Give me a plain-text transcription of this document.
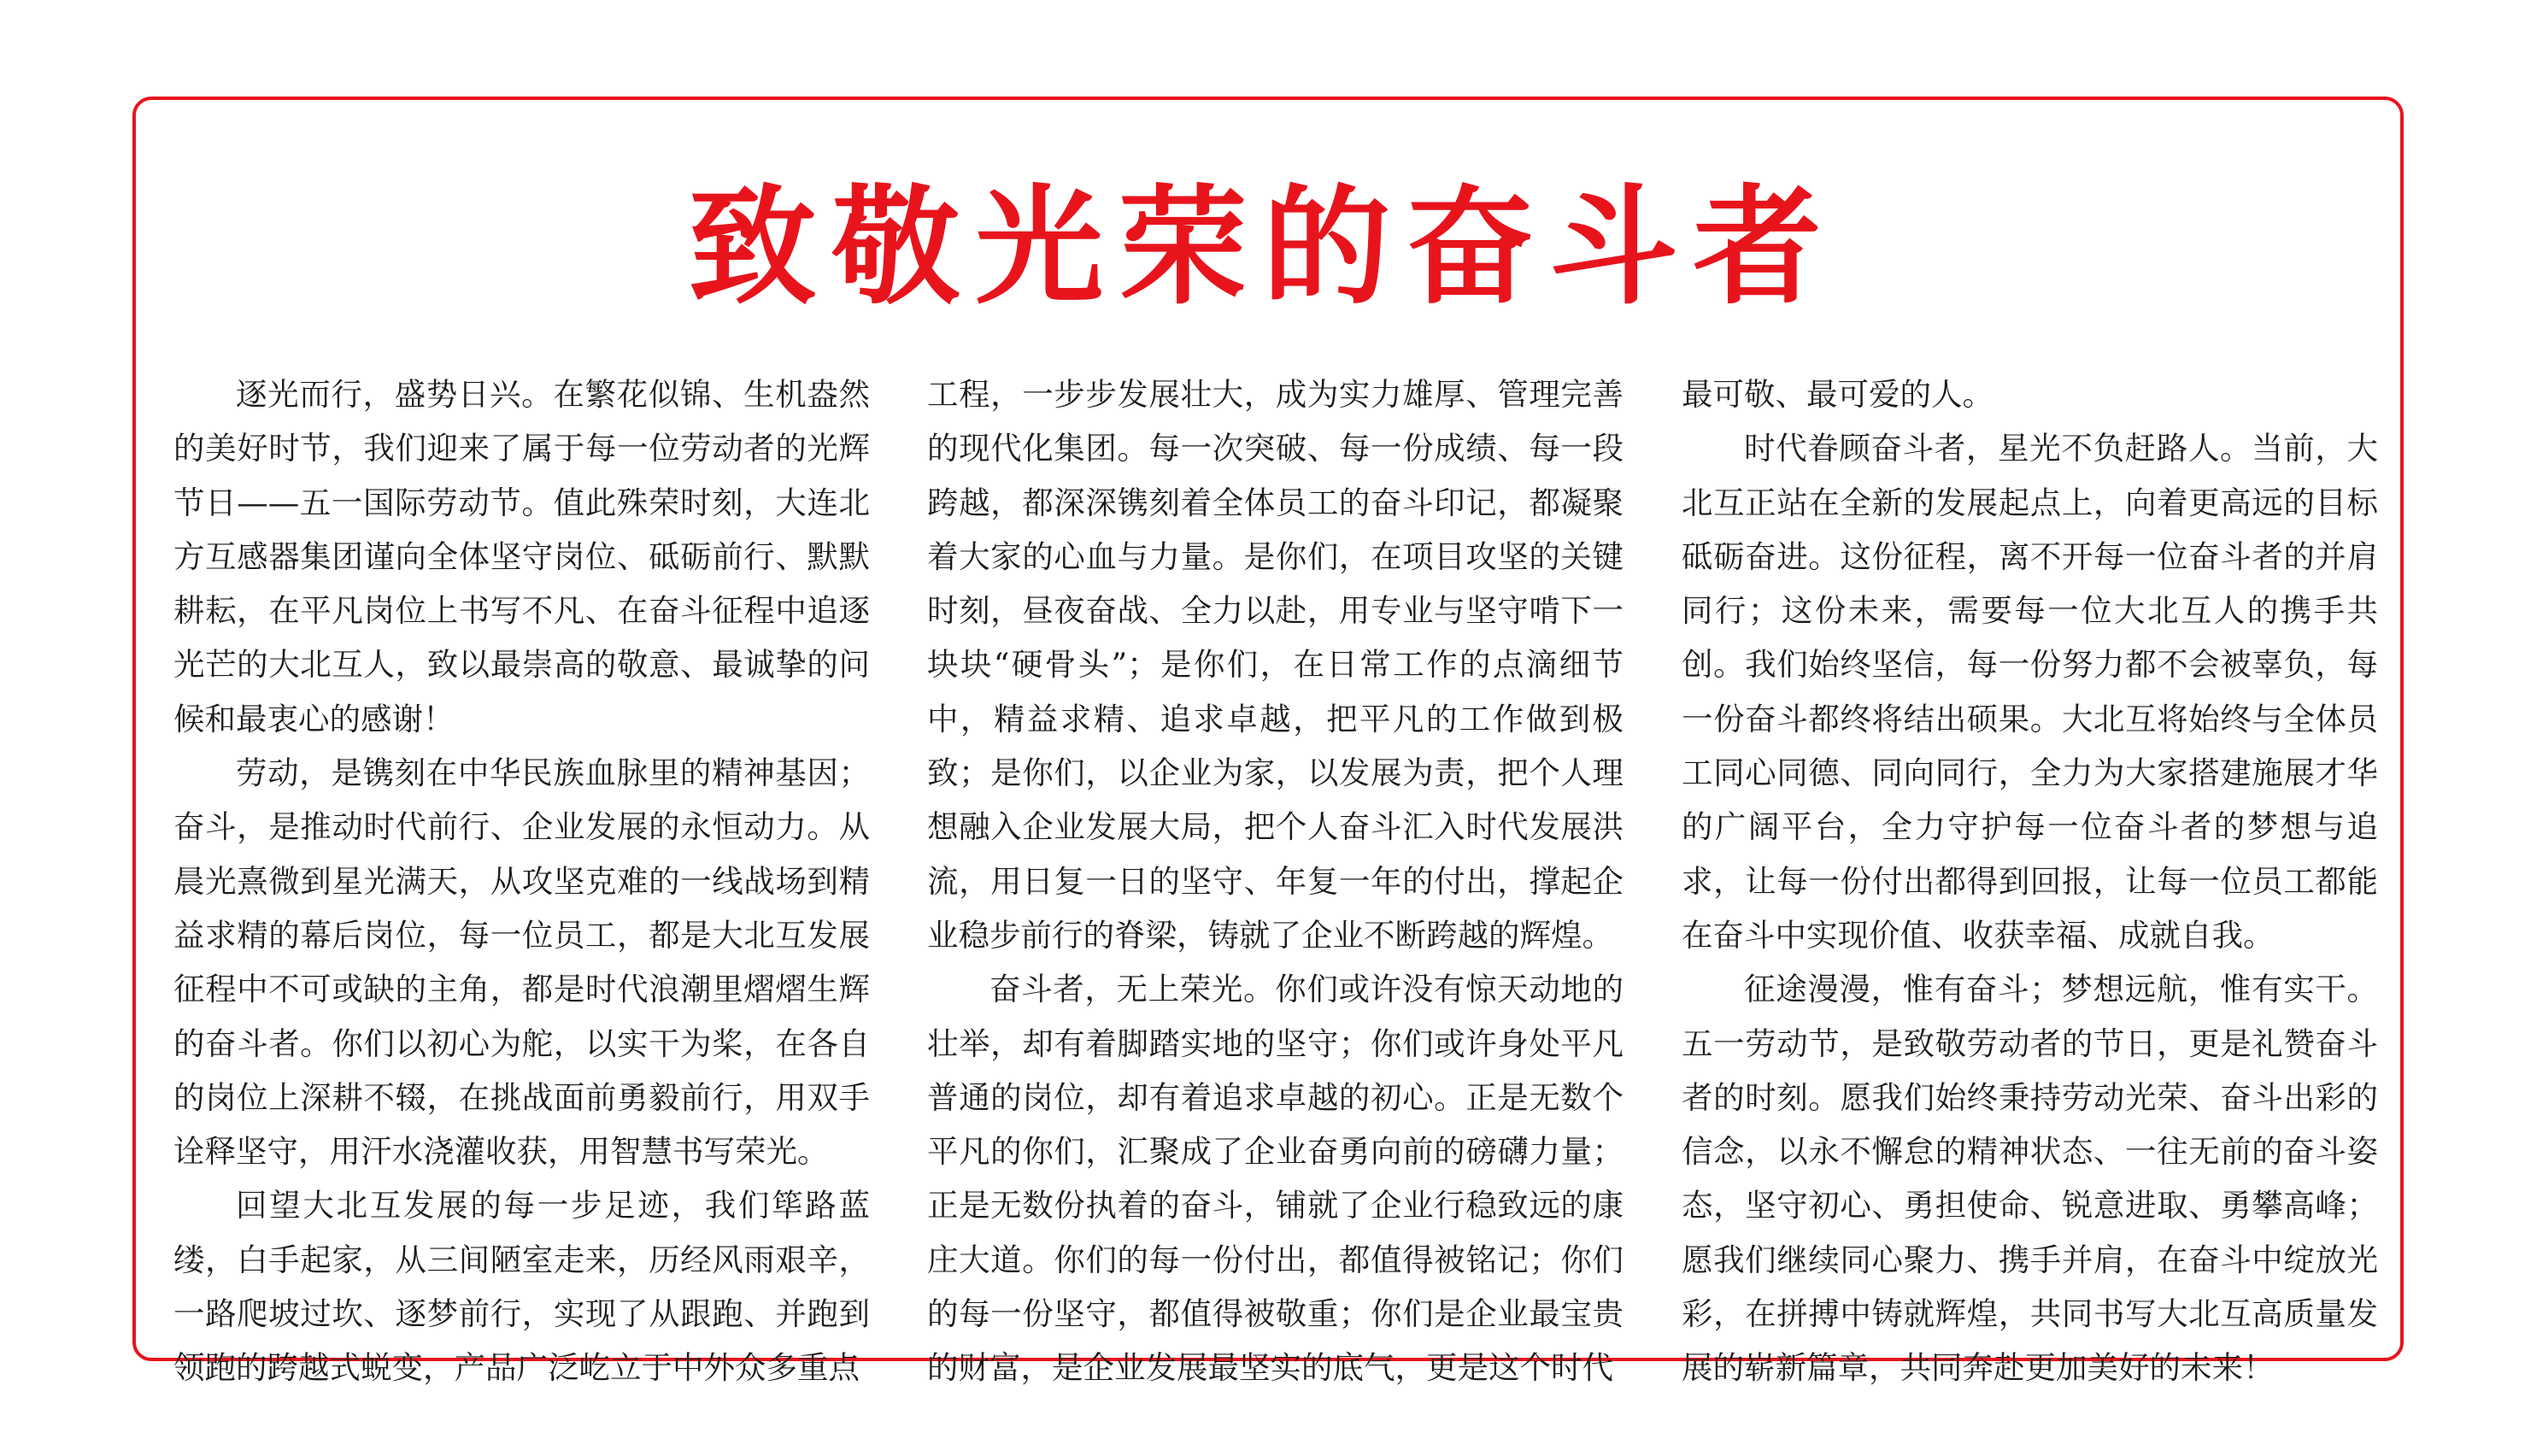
致敬光荣的奋斗者

逐光而行，盛势日兴。在繁花似锦、生机盎然的美好时节，我们迎来了属于每一位劳动者的光辉节日——五一国际劳动节。值此殊荣时刻，大连北方互感器集团谨向全体坚守岗位、砥砺前行、默默耕耘，在平凡岗位上书写不凡、在奋斗征程中追逐光芒的大北互人，致以最崇高的敬意、最诚挚的问候和最衷心的感谢！

劳动，是镌刻在中华民族血脉里的精神基因；奋斗，是推动时代前行、企业发展的永恒动力。从晨光熹微到星光满天，从攻坚克难的一线战场到精益求精的幕后岗位，每一位员工，都是大北互发展征程中不可或缺的主角，都是时代浪潮里熠熠生辉的奋斗者。你们以初心为舵，以实干为桨，在各自的岗位上深耕不辍，在挑战面前勇毅前行，用双手诠释坚守，用汗水浇灌收获，用智慧书写荣光。

回望大北互发展的每一步足迹，我们筚路蓝缕，白手起家，从三间陋室走来，历经风雨艰辛，一路爬坡过坎、逐梦前行，实现了从跟跑、并跑到领跑的跨越式蜕变，产品广泛屹立于中外众多重点

工程，一步步发展壮大，成为实力雄厚、管理完善的现代化集团。每一次突破、每一份成绩、每一段跨越，都深深镌刻着全体员工的奋斗印记，都凝聚着大家的心血与力量。是你们，在项目攻坚的关键时刻，昼夜奋战、全力以赴，用专业与坚守啃下一块块“硬骨头”；是你们，在日常工作的点滴细节中，精益求精、追求卓越，把平凡的工作做到极致；是你们，以企业为家，以发展为责，把个人理想融入企业发展大局，把个人奋斗汇入时代发展洪流，用日复一日的坚守、年复一年的付出，撑起企业稳步前行的脊梁，铸就了企业不断跨越的辉煌。

奋斗者，无上荣光。你们或许没有惊天动地的壮举，却有着脚踏实地的坚守；你们或许身处平凡普通的岗位，却有着追求卓越的初心。正是无数个平凡的你们，汇聚成了企业奋勇向前的磅礴力量；正是无数份执着的奋斗，铺就了企业行稳致远的康庄大道。你们的每一份付出，都值得被铭记；你们的每一份坚守，都值得被敬重；你们是企业最宝贵的财富，是企业发展最坚实的底气，更是这个时代

最可敬、最可爱的人。

时代眷顾奋斗者，星光不负赶路人。当前，大北互正站在全新的发展起点上，向着更高远的目标砥砺奋进。这份征程，离不开每一位奋斗者的并肩同行；这份未来，需要每一位大北互人的携手共创。我们始终坚信，每一份努力都不会被辜负，每一份奋斗都终将结出硕果。大北互将始终与全体员工同心同德、同向同行，全力为大家搭建施展才华的广阔平台，全力守护每一位奋斗者的梦想与追求，让每一份付出都得到回报，让每一位员工都能在奋斗中实现价值、收获幸福、成就自我。

征途漫漫，惟有奋斗；梦想远航，惟有实干。五一劳动节，是致敬劳动者的节日，更是礼赞奋斗者的时刻。愿我们始终秉持劳动光荣、奋斗出彩的信念，以永不懈怠的精神状态、一往无前的奋斗姿态，坚守初心、勇担使命、锐意进取、勇攀高峰；愿我们继续同心聚力、携手并肩，在奋斗中绽放光彩，在拼搏中铸就辉煌，共同书写大北互高质量发展的崭新篇章，共同奔赴更加美好的未来！
